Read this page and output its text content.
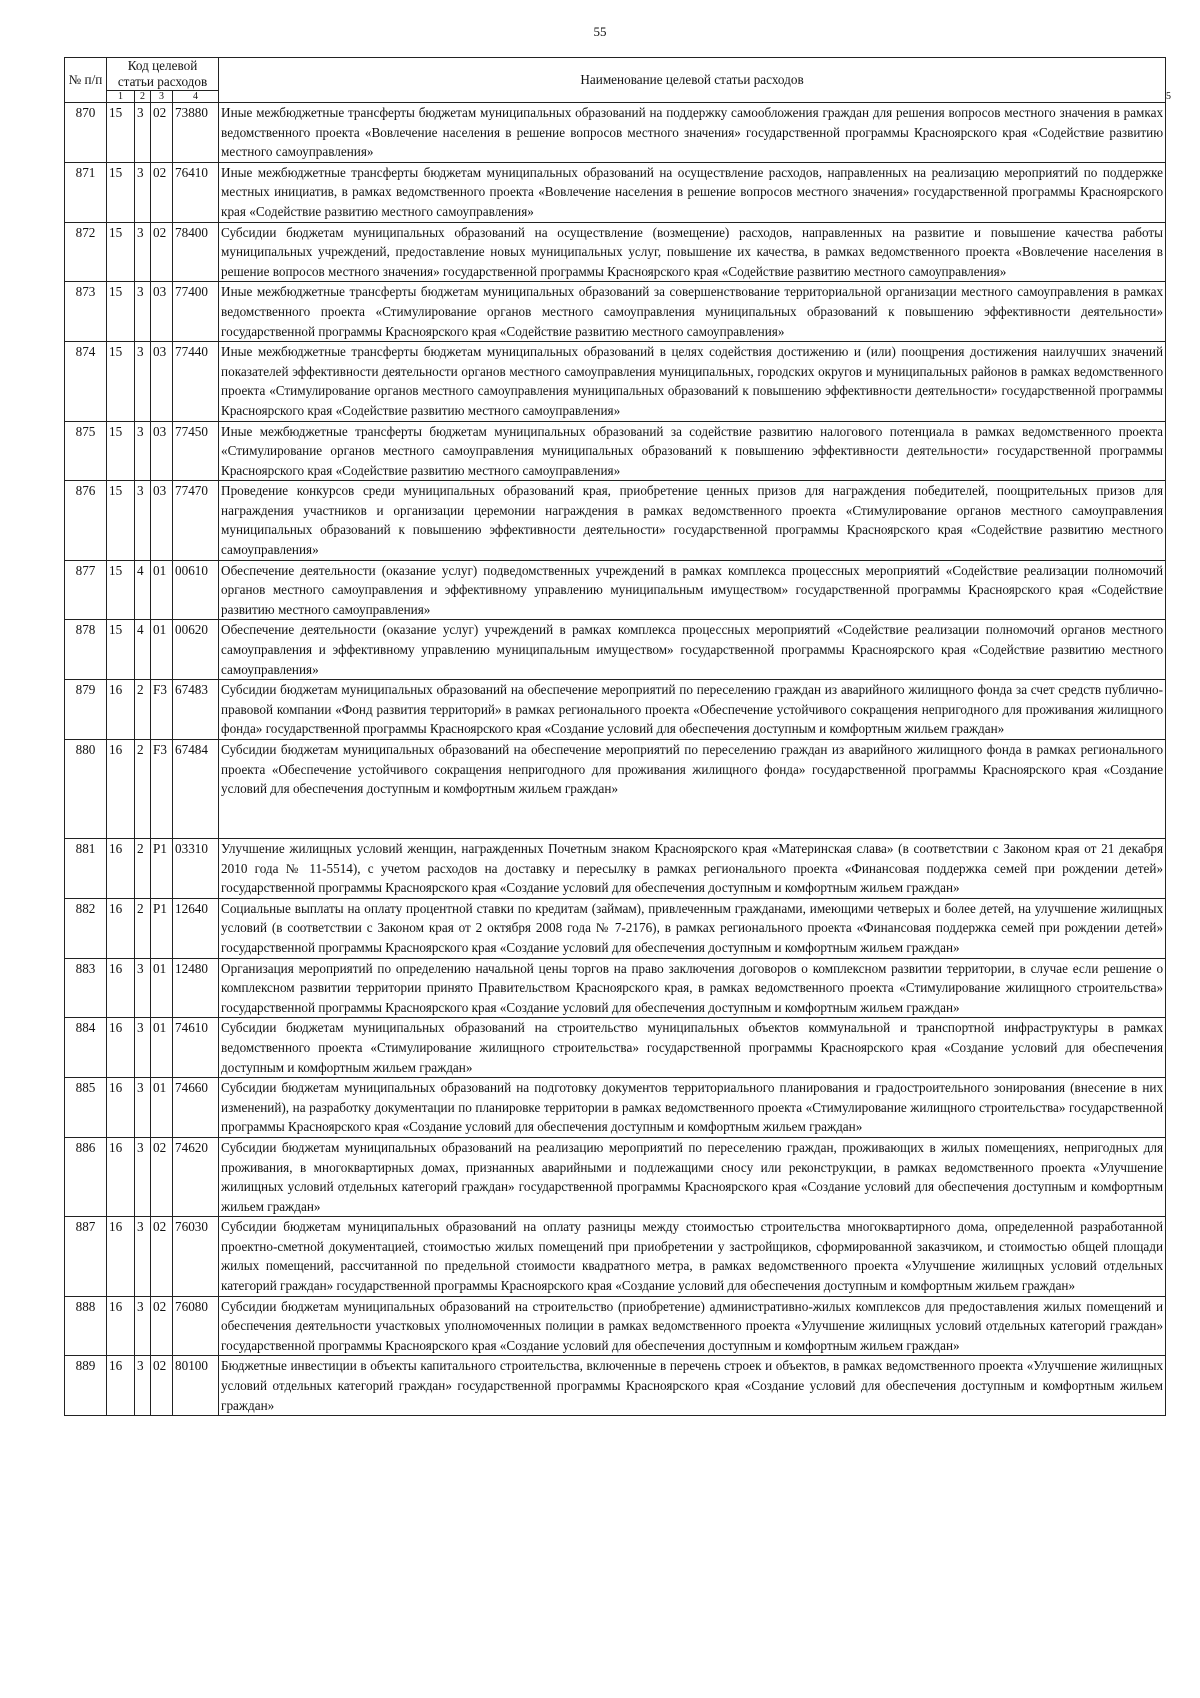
55
№ п/п	Код целевой статьи расходов				Наименование целевой статьи расходов	
	1	2	3	4		5
870	15	3	02	73880	Иные межбюджетные трансферты бюджетам муниципальных образований на поддержку самообложения граждан для решения вопросов местного значения в рамках ведомственного проекта «Вовлечение населения в решение вопросов местного значения» государственной программы Красноярского края «Содействие развитию местного самоуправления»	
871	15	3	02	76410	Иные межбюджетные трансферты бюджетам муниципальных образований на осуществление расходов, направленных на реализацию мероприятий по поддержке местных инициатив, в рамках ведомственного проекта «Вовлечение населения в решение вопросов местного значения» государственной программы Красноярского края «Содействие развитию местного самоуправления»	
872	15	3	02	78400	Субсидии бюджетам муниципальных образований на осуществление (возмещение) расходов, направленных на развитие и повышение качества работы муниципальных учреждений, предоставление новых муниципальных услуг, повышение их качества, в рамках ведомственного проекта «Вовлечение населения в решение вопросов местного значения» государственной программы Красноярского края «Содействие развитию местного самоуправления»	
873	15	3	03	77400	Иные межбюджетные трансферты бюджетам муниципальных образований за совершенствование территориальной организации местного самоуправления в рамках ведомственного проекта «Стимулирование органов местного самоуправления муниципальных образований к повышению эффективности деятельности» государственной программы Красноярского края «Содействие развитию местного самоуправления»	
874	15	3	03	77440	Иные межбюджетные трансферты бюджетам муниципальных образований в целях содействия достижению и (или) поощрения достижения наилучших значений показателей эффективности деятельности органов местного самоуправления муниципальных, городских округов и муниципальных районов в рамках ведомственного проекта «Стимулирование органов местного самоуправления муниципальных образований к повышению эффективности деятельности» государственной программы Красноярского края «Содействие развитию местного самоуправления»	
875	15	3	03	77450	Иные межбюджетные трансферты бюджетам муниципальных образований за содействие развитию налогового потенциала в рамках ведомственного проекта «Стимулирование органов местного самоуправления муниципальных образований к повышению эффективности деятельности» государственной программы Красноярского края «Содействие развитию местного самоуправления»	
876	15	3	03	77470	Проведение конкурсов среди муниципальных образований края, приобретение ценных призов для награждения победителей, поощрительных призов для награждения участников и организации церемонии награждения в рамках ведомственного проекта «Стимулирование органов местного самоуправления муниципальных образований к повышению эффективности деятельности» государственной программы Красноярского края «Содействие развитию местного самоуправления»	
877	15	4	01	00610	Обеспечение деятельности (оказание услуг) подведомственных учреждений в рамках комплекса процессных мероприятий «Содействие реализации полномочий органов местного самоуправления и эффективному управлению муниципальным имуществом» государственной программы Красноярского края «Содействие развитию местного самоуправления»	
878	15	4	01	00620	Обеспечение деятельности (оказание услуг) учреждений в рамках комплекса процессных мероприятий «Содействие реализации полномочий органов местного самоуправления и эффективному управлению муниципальным имуществом» государственной программы Красноярского края «Содействие развитию местного самоуправления»	
879	16	2	F3	67483	Субсидии бюджетам муниципальных образований на обеспечение мероприятий по переселению граждан из аварийного жилищного фонда за счет средств публично-правовой компании «Фонд развития территорий» в рамках регионального проекта «Обеспечение устойчивого сокращения непригодного для проживания жилищного фонда» государственной программы Красноярского края «Создание условий для обеспечения доступным и комфортным жильем граждан»	
880	16	2	F3	67484	Субсидии бюджетам муниципальных образований на обеспечение мероприятий по переселению граждан из аварийного жилищного фонда в рамках регионального проекта «Обеспечение устойчивого сокращения непригодного для проживания жилищного фонда» государственной программы Красноярского края «Создание условий для обеспечения доступным и комфортным жильем граждан»	
881	16	2	P1	03310	Улучшение жилищных условий женщин, награжденных Почетным знаком Красноярского края «Материнская слава» (в соответствии с Законом края от 21 декабря 2010 года № 11-5514), с учетом расходов на доставку и пересылку в рамках регионального проекта «Финансовая поддержка семей при рождении детей» государственной программы Красноярского края «Создание условий для обеспечения доступным и комфортным жильем граждан»	
882	16	2	P1	12640	Социальные выплаты на оплату процентной ставки по кредитам (займам), привлеченным гражданами, имеющими четверых и более детей, на улучшение жилищных условий (в соответствии с Законом края от 2 октября 2008 года № 7-2176), в рамках регионального проекта «Финансовая поддержка семей при рождении детей» государственной программы Красноярского края «Создание условий для обеспечения доступным и комфортным жильем граждан»	
883	16	3	01	12480	Организация мероприятий по определению начальной цены торгов на право заключения договоров о комплексном развитии территории, в случае если решение о комплексном развитии территории принято Правительством Красноярского края, в рамках ведомственного проекта «Стимулирование жилищного строительства» государственной программы Красноярского края «Создание условий для обеспечения доступным и комфортным жильем граждан»	
884	16	3	01	74610	Субсидии бюджетам муниципальных образований на строительство муниципальных объектов коммунальной и транспортной инфраструктуры в рамках ведомственного проекта «Стимулирование жилищного строительства» государственной программы Красноярского края «Создание условий для обеспечения доступным и комфортным жильем граждан»	
885	16	3	01	74660	Субсидии бюджетам муниципальных образований на подготовку документов территориального планирования и градостроительного зонирования (внесение в них изменений), на разработку документации по планировке территории в рамках ведомственного проекта «Стимулирование жилищного строительства» государственной программы Красноярского края «Создание условий для обеспечения доступным и комфортным жильем граждан»	
886	16	3	02	74620	Субсидии бюджетам муниципальных образований на реализацию мероприятий по переселению граждан, проживающих в жилых помещениях, непригодных для проживания, в многоквартирных домах, признанных аварийными и подлежащими сносу или реконструкции, в рамках ведомственного проекта «Улучшение жилищных условий отдельных категорий граждан» государственной программы Красноярского края «Создание условий для обеспечения доступным и комфортным жильем граждан»	
887	16	3	02	76030	Субсидии бюджетам муниципальных образований на оплату разницы между стоимостью строительства многоквартирного дома, определенной разработанной проектно-сметной документацией, стоимостью жилых помещений при приобретении у застройщиков, сформированной заказчиком, и стоимостью общей площади жилых помещений, рассчитанной по предельной стоимости квадратного метра, в рамках ведомственного проекта «Улучшение жилищных условий отдельных категорий граждан» государственной программы Красноярского края «Создание условий для обеспечения доступным и комфортным жильем граждан»	
888	16	3	02	76080	Субсидии бюджетам муниципальных образований на строительство (приобретение) административно-жилых комплексов для предоставления жилых помещений и обеспечения деятельности участковых уполномоченных полиции в рамках ведомственного проекта «Улучшение жилищных условий отдельных категорий граждан» государственной программы Красноярского края «Создание условий для обеспечения доступным и комфортным жильем граждан»	
889	16	3	02	80100	Бюджетные инвестиции в объекты капитального строительства, включенные в перечень строек и объектов, в рамках ведомственного проекта «Улучшение жилищных условий отдельных категорий граждан» государственной программы Красноярского края «Создание условий для обеспечения доступным и комфортным жильем граждан»	
